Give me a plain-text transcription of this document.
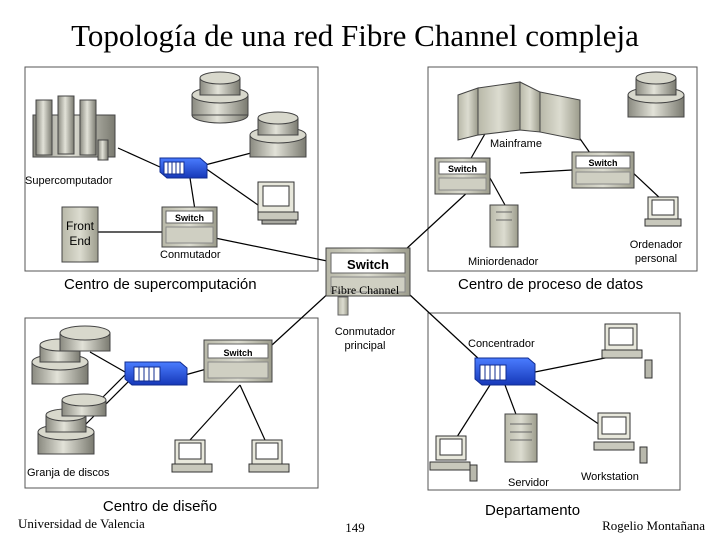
Topología de una red Fibre Channel compleja
Supercomputador
Front
End
Switch
Conmutador
Centro de supercomputación
Mainframe
Switch
Switch
Miniordenador
Ordenador
personal
Centro de proceso de datos
Switch
Fibre Channel
Conmutador
principal
Switch
Granja de discos
Centro de diseño
Concentrador
Servidor	Workstation
Departamento
Universidad de Valencia	149	Rogelio Montañana
